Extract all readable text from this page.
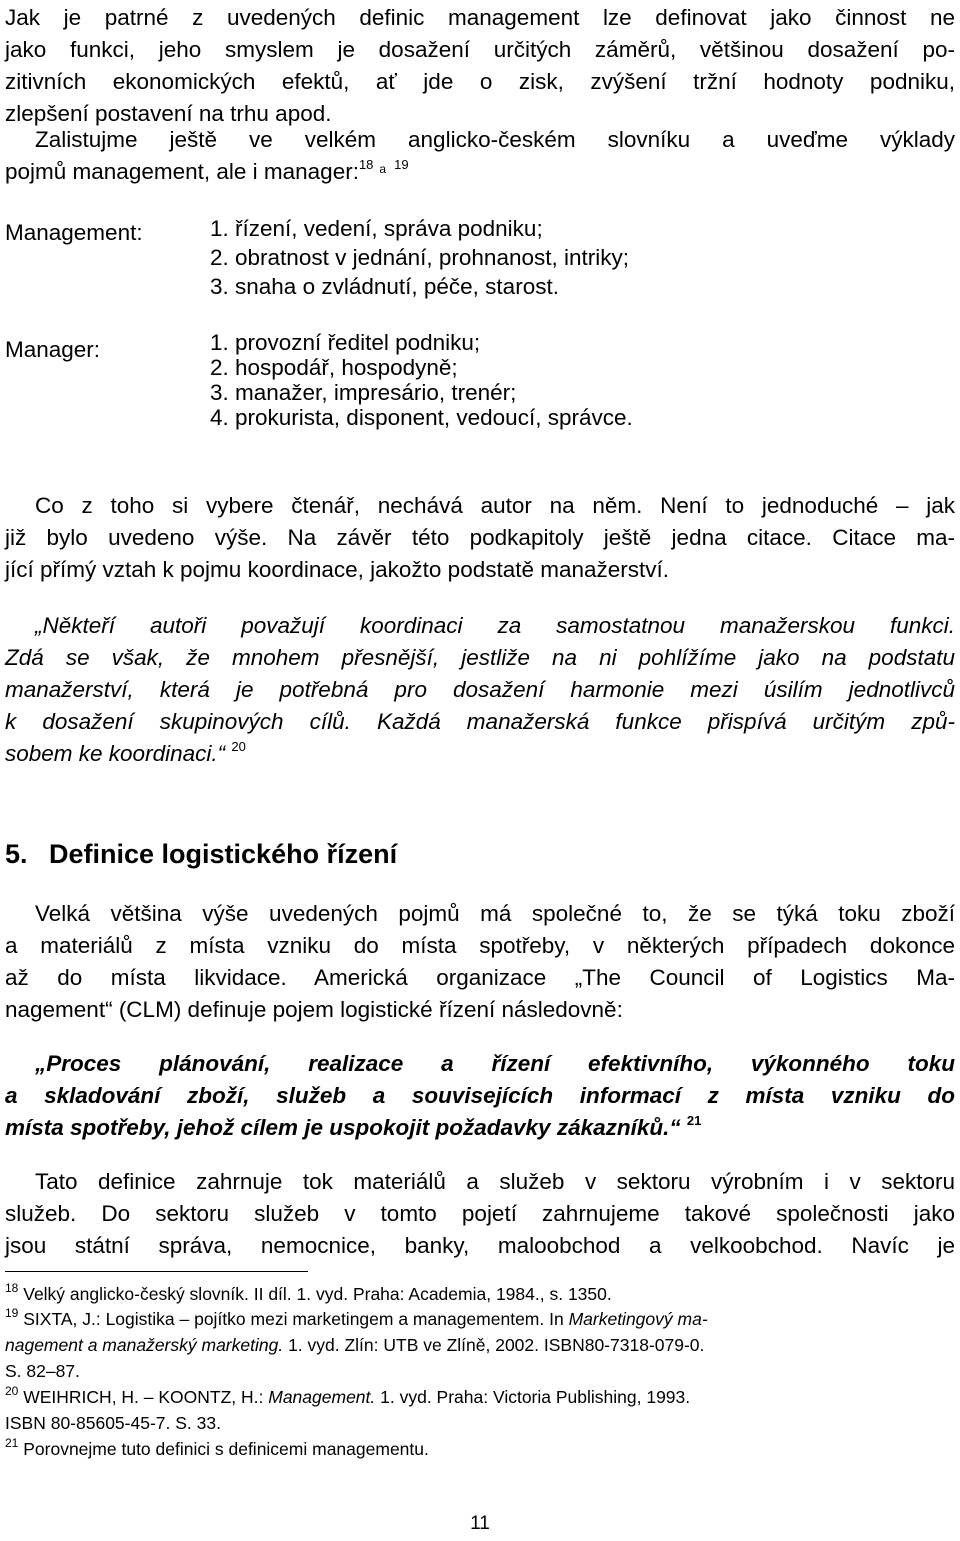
Jak je patrné z uvedených definic management lze definovat jako činnost ne
jako funkci, jeho smyslem je dosažení určitých záměrů, většinou dosažení po-
zitivních ekonomických efektů, ať jde o zisk, zvýšení tržní hodnoty podniku,
zlepšení postavení na trhu apod.
Zalistujme ještě ve velkém anglicko-českém slovníku a uveďme výklady
pojmů management, ale i manager:$^{18}$ $^a$ $^{19}$
Management:	1. řízení, vedení, správa podniku;
2. obratnost v jednání, prohnanost, intriky;
3. snaha o zvládnutí, péče, starost.
Manager:	1. provozní ředitel podniku;
2. hospodář, hospodyně;
3. manažer, impresário, trenér;
4. prokurista, disponent, vedoucí, správce.
Co z toho si vybere čtenář, nechává autor na něm. Není to jednoduché – jak
již bylo uvedeno výše. Na závěr této podkapitoly ještě jedna citace. Citace ma-
jící přímý vztah k pojmu koordinace, jakožto podstatě manažerství.
„Někteří autoři považují koordinaci za samostatnou manažerskou funkci.
Zdá se však, že mnohem přesnější, jestliže na ni pohlížíme jako na podstatu
manažerství, která je potřebná pro dosažení harmonie mezi úsilím jednotlivců
k dosažení skupinových cílů. Každá manažerská funkce přispívá určitým způ-
sobem ke koordinaci.“ $^{20}$
5. Definice logistického řízení
Velká většina výše uvedených pojmů má společné to, že se týká toku zboží
a materiálů z místa vzniku do místa spotřeby, v některých případech dokonce
až do místa likvidace. Americká organizace „The Council of Logistics Ma-
nagement“ (CLM) definuje pojem logistické řízení následovně:
„Proces plánování, realizace a řízení efektivního, výkonného toku
a skladování zboží, služeb a souvisejících informací z místa vzniku do
místa spotřeby, jehož cílem je uspokojit požadavky zákazníků.“ $^{21}$
Tato definice zahrnuje tok materiálů a služeb v sektoru výrobním i v sektoru
služeb. Do sektoru služeb v tomto pojetí zahrnujeme takové společnosti jako
jsou státní správa, nemocnice, banky, maloobchod a velkoobchod. Navíc je
$^{18}$ Velký anglicko-český slovník. II díl. 1. vyd. Praha: Academia, 1984., s. 1350.
$^{19}$ SIXTA, J.: Logistika – pojítko mezi marketingem a managementem. In Marketingový ma-
nagement a manažerský marketing. 1. vyd. Zlín: UTB ve Zlíně, 2002. ISBN80-7318-079-0.
S. 82–87.
$^{20}$ WEIHRICH, H. – KOONTZ, H.: Management. 1. vyd. Praha: Victoria Publishing, 1993.
ISBN 80-85605-45-7. S. 33.
$^{21}$ Porovnejme tuto definici s definicemi managementu.
11
